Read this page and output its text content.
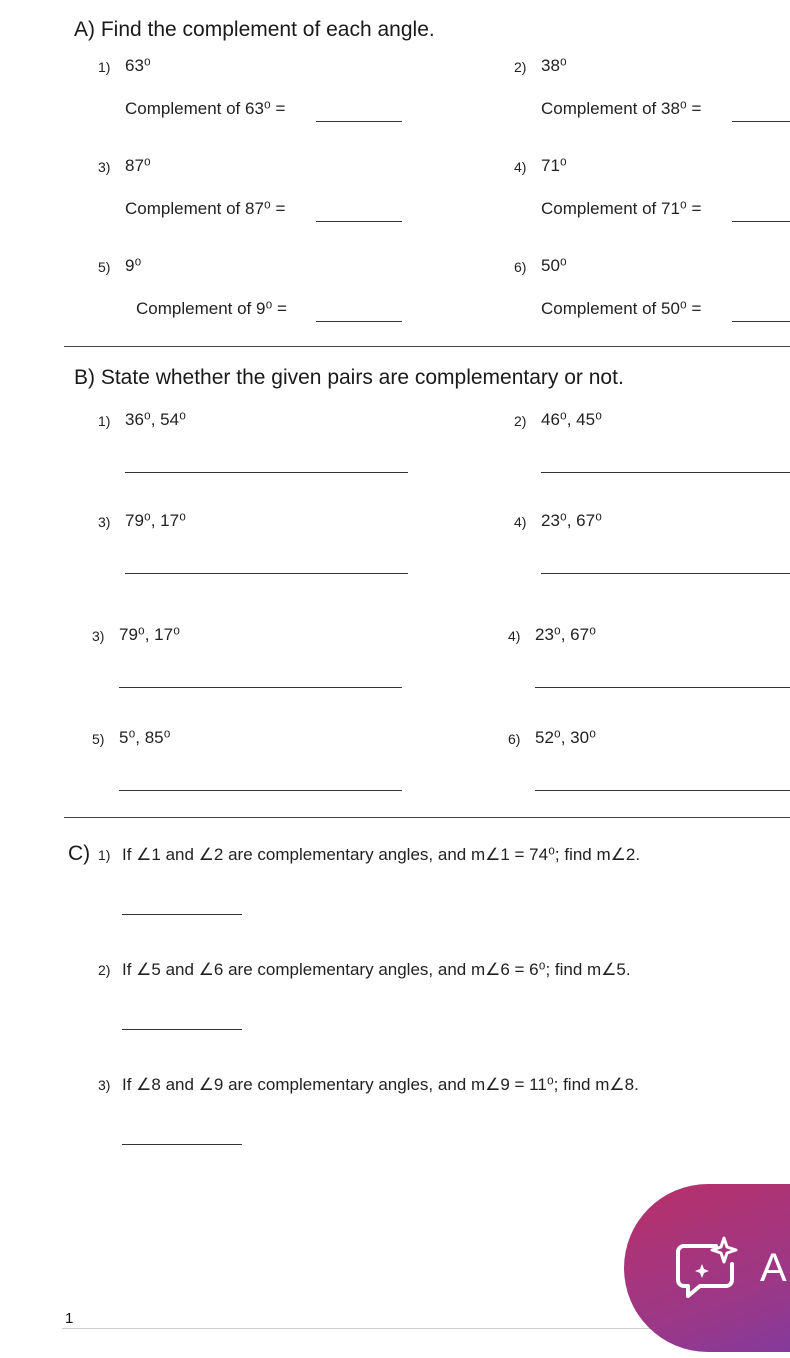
A) Find the complement of each angle.
1) 63⁰
Complement of 63⁰ =
2) 38⁰
Complement of 38⁰ =
3) 87⁰
Complement of 87⁰ =
4) 71⁰
Complement of 71⁰ =
5) 9⁰
Complement of 9⁰ =
6) 50⁰
Complement of 50⁰ =
B) State whether the given pairs are complementary or not.
1) 36⁰, 54⁰	2) 46⁰, 45⁰
3) 79⁰, 17⁰	4) 23⁰, 67⁰
3) 79⁰, 17⁰	4) 23⁰, 67⁰
5) 5⁰, 85⁰	6) 52⁰, 30⁰
C) 1) If ∠1 and ∠2 are complementary angles, and m∠1 = 74⁰; find m∠2.
2) If ∠5 and ∠6 are complementary angles, and m∠6 = 6⁰; find m∠5.
3) If ∠8 and ∠9 are complementary angles, and m∠9 = 11⁰; find m∠8.
1
A
